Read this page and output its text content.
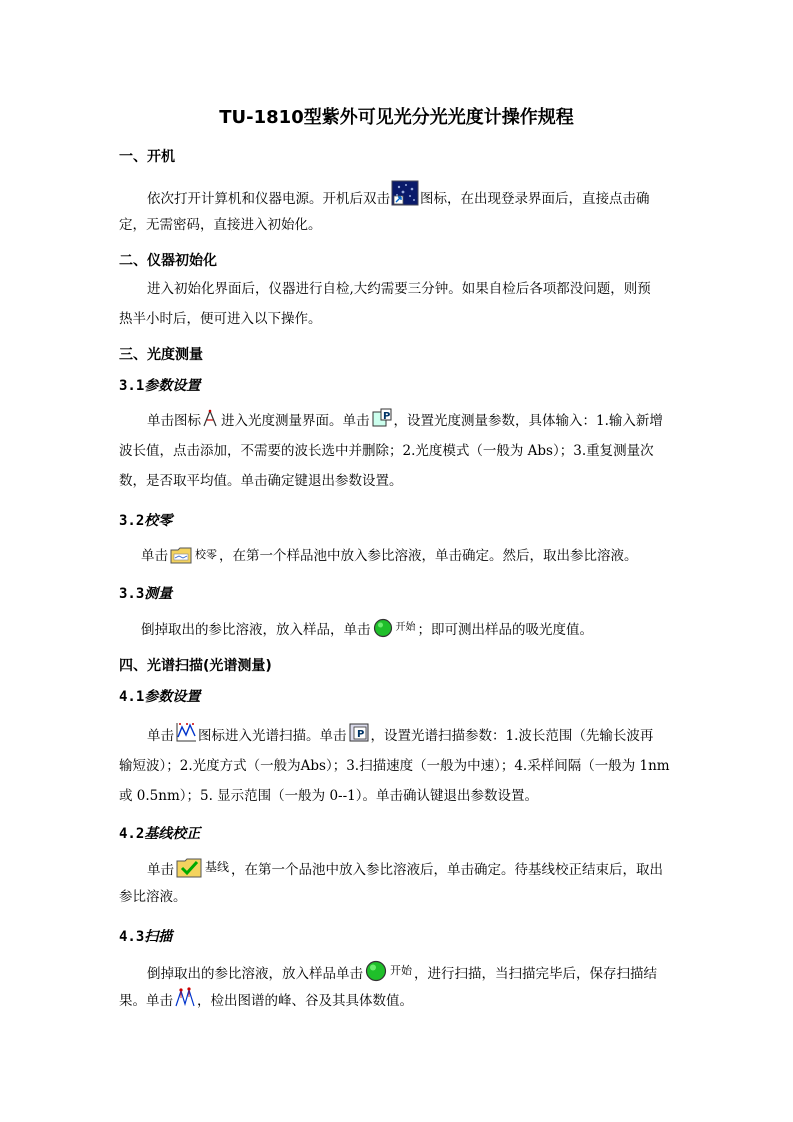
TU-1810型紫外可见光分光光度计操作规程
一、开机
依次打开计算机和仪器电源。开机后双击 图标，在出现登录界面后，直接点击确
定，无需密码，直接进入初始化。
二、仪器初始化
进入初始化界面后，仪器进行自检,大约需要三分钟。如果自检后各项都没问题，则预
热半小时后，便可进入以下操作。
三、光度测量
3.1参数设置
单击图标 进入光度测量界面。单击 P ，设置光度测量参数，具体输入：1.输入新增
波长值，点击添加，不需要的波长选中并删除；2.光度模式（一般为 Abs）；3.重复测量次
数，是否取平均值。单击确定键退出参数设置。
3.2校零
单击 校零 ，在第一个样品池中放入参比溶液，单击确定。然后，取出参比溶液。
3.3测量
倒掉取出的参比溶液，放入样品，单击	开始 ；即可测出样品的吸光度值。
四、光谱扫描(光谱测量)
4.1参数设置
单击 图标进入光谱扫描。单击 P ，设置光谱扫描参数：1.波长范围（先输长波再
输短波）；2.光度方式（一般为Abs）；3.扫描速度（一般为中速）；4.采样间隔（一般为 1nm
或 0.5nm）；5. 显示范围（一般为 0--1）。单击确认键退出参数设置。
4.2基线校正
单击	基线 ，在第一个品池中放入参比溶液后，单击确定。待基线校正结束后，取出
参比溶液。
4.3扫描
倒掉取出的参比溶液，放入样品单击 开始 ，进行扫描，当扫描完毕后，保存扫描结
果。单击 ，检出图谱的峰、谷及其具体数值。
